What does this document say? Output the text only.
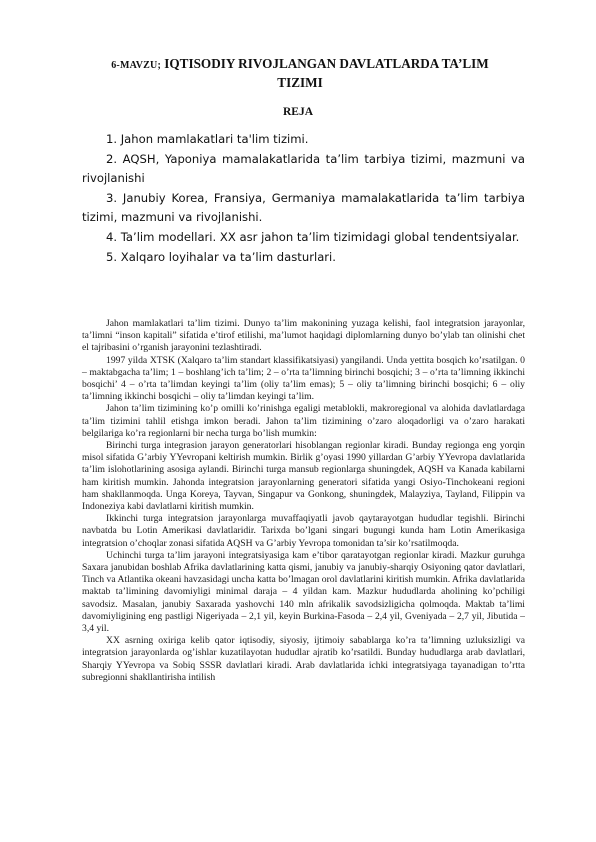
6-MAVZU; IQTISODIY RIVOJLANGAN DAVLATLARDA TA’LIM TIZIMI
REJA

1. Jahon mamlakatlari ta'lim tizimi.

2. AQSH, Yaponiya mamalakatlarida ta’lim tarbiya tizimi, mazmuni va rivojlanishi

3. Janubiy Korea, Fransiya, Germaniya mamalakatlarida ta’lim tarbiya tizimi, mazmuni va rivojlanishi.

4. Ta’lim modellari. XX asr jahon ta’lim tizimidagi global tendentsiyalar.

5. Xalqaro loyihalar va ta’lim dasturlari.

Jahon mamlakatlari ta’lim tizimi. Dunyo ta’lim makonining yuzaga kelishi, faol integratsion jarayonlar, ta’limni “inson kapitali” sifatida e’tirof etilishi, ma’lumot haqidagi diplomlarning dunyo bo’ylab tan olinishi chet el tajribasini o’rganish jarayonini tezlashtiradi.

1997 yilda XTSK (Xalqaro ta’lim standart klassifikatsiyasi) yangilandi. Unda yettita bosqich ko’rsatilgan. 0 – maktabgacha ta’lim; 1 – boshlang’ich ta’lim; 2 – o’rta ta’limning birinchi bosqichi; 3 – o’rta ta’limning ikkinchi bosqichi’ 4 – o’rta ta’limdan keyingi ta’lim (oliy ta’lim emas); 5 – oliy ta’limning birinchi bosqichi; 6 – oliy ta’limning ikkinchi bosqichi – oliy ta’limdan keyingi ta’lim.

Jahon ta’lim tizimining ko’p omilli ko’rinishga egaligi metablokli, makroregional va alohida davlatlardaga ta’lim tizimini tahlil etishga imkon beradi. Jahon ta’lim tizimining o’zaro aloqadorligi va o’zaro harakati belgilariga ko’ra regionlarni bir necha turga bo’lish mumkin:

Birinchi turga integrasion jarayon generatorlari hisoblangan regionlar kiradi. Bunday regionga eng yorqin misol sifatida G’arbiy YYevropani keltirish mumkin. Birlik g’oyasi 1990 yillardan G’arbiy YYevropa davlatlarida ta’lim islohotlarining asosiga aylandi. Birinchi turga mansub regionlarga shuningdek, AQSH va Kanada kabilarni ham kiritish mumkin. Jahonda integratsion jarayonlarning generatori sifatida yangi Osiyo-Tinchokeani regioni ham shakllanmoqda. Unga Koreya, Tayvan, Singapur va Gonkong, shuningdek, Malayziya, Tayland, Filippin va Indoneziya kabi davlatlarni kiritish mumkin.

Ikkinchi turga integratsion jarayonlarga muvaffaqiyatli javob qaytarayotgan hududlar tegishli. Birinchi navbatda bu Lotin Amerikasi davlatlaridir. Tarixda bo’lgani singari bugungi kunda ham Lotin Amerikasiga integratsion o’choqlar zonasi sifatida AQSH va G’arbiy Yevropa tomonidan ta’sir ko’rsatilmoqda.

Uchinchi turga ta’lim jarayoni integratsiyasiga kam e’tibor qaratayotgan regionlar kiradi. Mazkur guruhga Saxara janubidan boshlab Afrika davlatlarining katta qismi, janubiy va janubiy-sharqiy Osiyoning qator davlatlari, Tinch va Atlantika okeani havzasidagi uncha katta bo’lmagan orol davlatlarini kiritish mumkin. Afrika davlatlarida maktab ta’limining davomiyligi minimal daraja – 4 yildan kam. Mazkur hududlarda aholining ko’pchiligi savodsiz. Masalan, janubiy Saxarada yashovchi 140 mln afrikalik savodsizligicha qolmoqda. Maktab ta’limi davomiyligining eng pastligi Nigeriyada – 2,1 yil, keyin Burkina-Fasoda – 2,4 yil, Gveniyada – 2,7 yil, Jibutida – 3,4 yil.

XX asrning oxiriga kelib qator iqtisodiy, siyosiy, ijtimoiy sabablarga ko’ra ta’limning uzluksizligi va integratsion jarayonlarda og’ishlar kuzatilayotan hududlar ajratib ko’rsatildi. Bunday hududlarga arab davlatlari, Sharqiy YYevropa va Sobiq SSSR davlatlari kiradi. Arab davlatlarida ichki integratsiyaga tayanadigan to’rtta subregionni shakllantirisha intilish
